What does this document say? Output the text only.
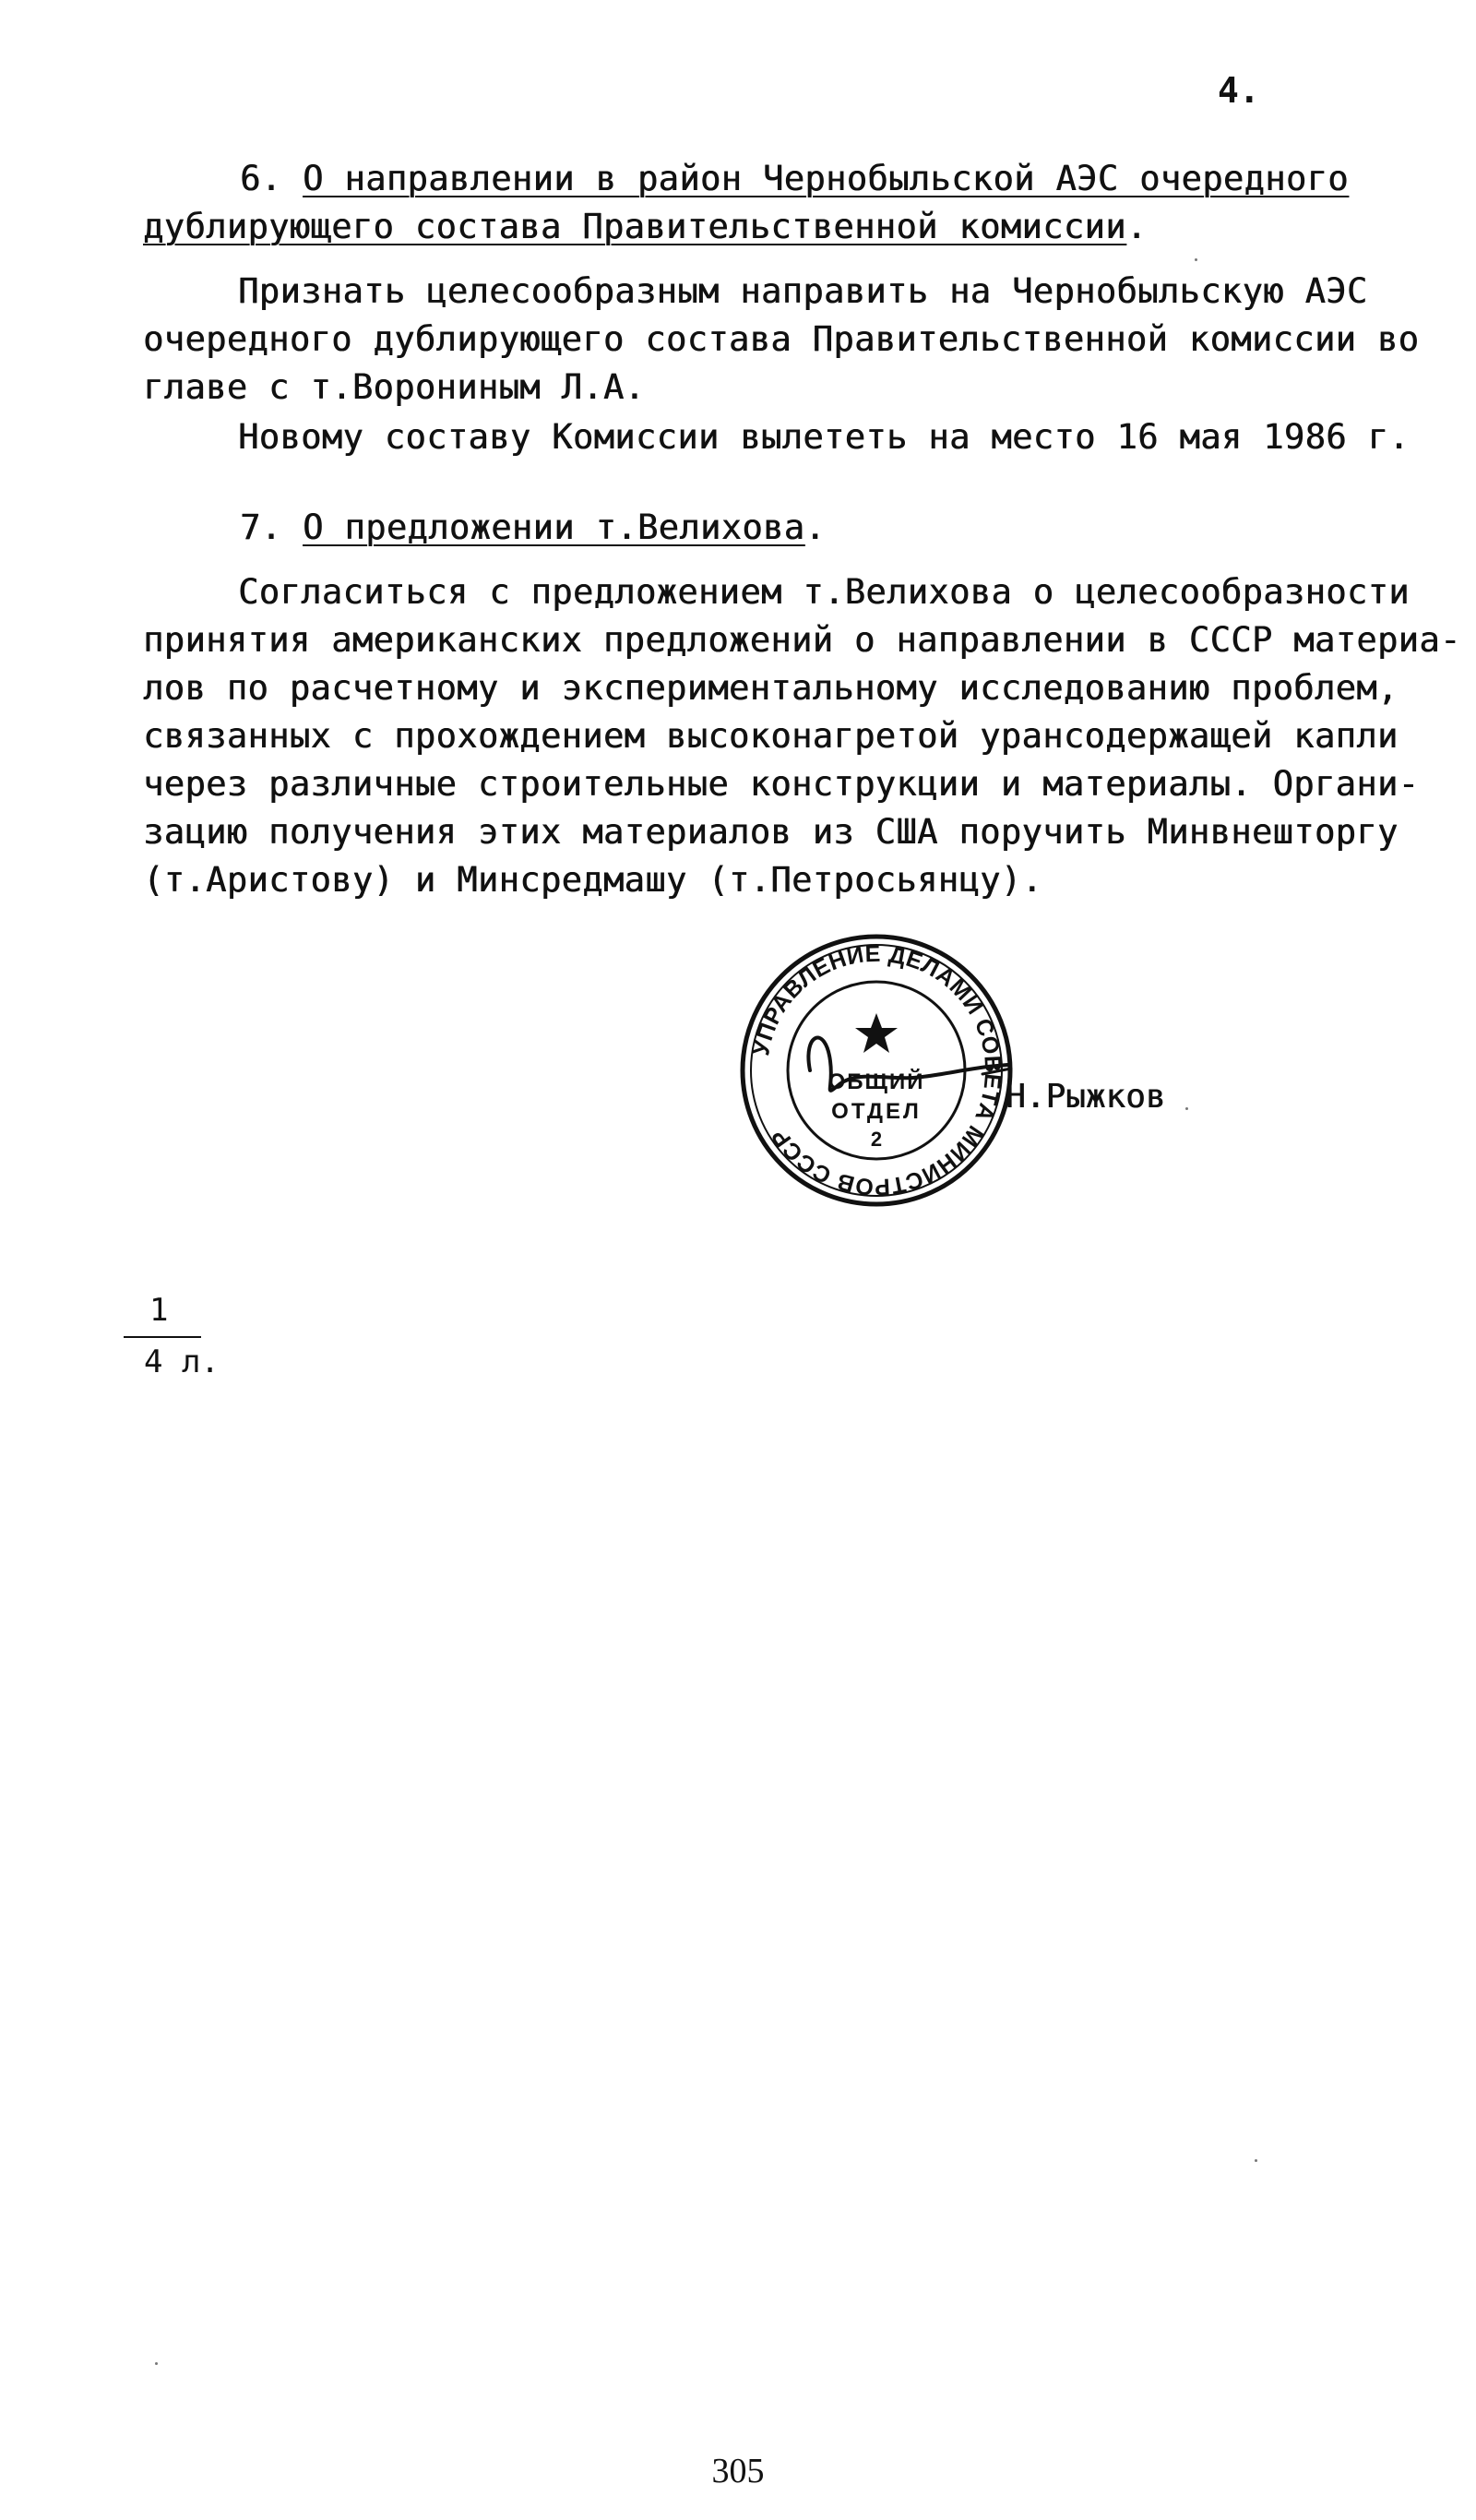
4.
6. О направлении в район Чернобыльской АЭС очередного
дублирующего состава Правительственной комиссии.
Признать целесообразным направить на Чернобыльскую АЭС
очередного дублирующего состава Правительственной комиссии во
главе с т.Ворониным Л.А.
Новому составу Комиссии вылететь на место 16 мая 1986 г.
7. О предложении т.Велихова.
Согласиться с предложением т.Велихова о целесообразности
принятия американских предложений о направлении в СССР материа-
лов по расчетному и экспериментальному исследованию проблем,
связанных с прохождением высоконагретой урансодержащей капли
через различные строительные конструкции и материалы. Органи-
зацию получения этих материалов из США поручить Минвнешторгу
(т.Аристову) и Минсредмашу (т.Петросьянцу).
УПРАВЛЕНИЕ ДЕЛАМИ СОВЕТА МИНИСТРОВ СССР
ОБЩИЙ
ОТДЕЛ
2
Н.Рыжков
1
4 л.
305
